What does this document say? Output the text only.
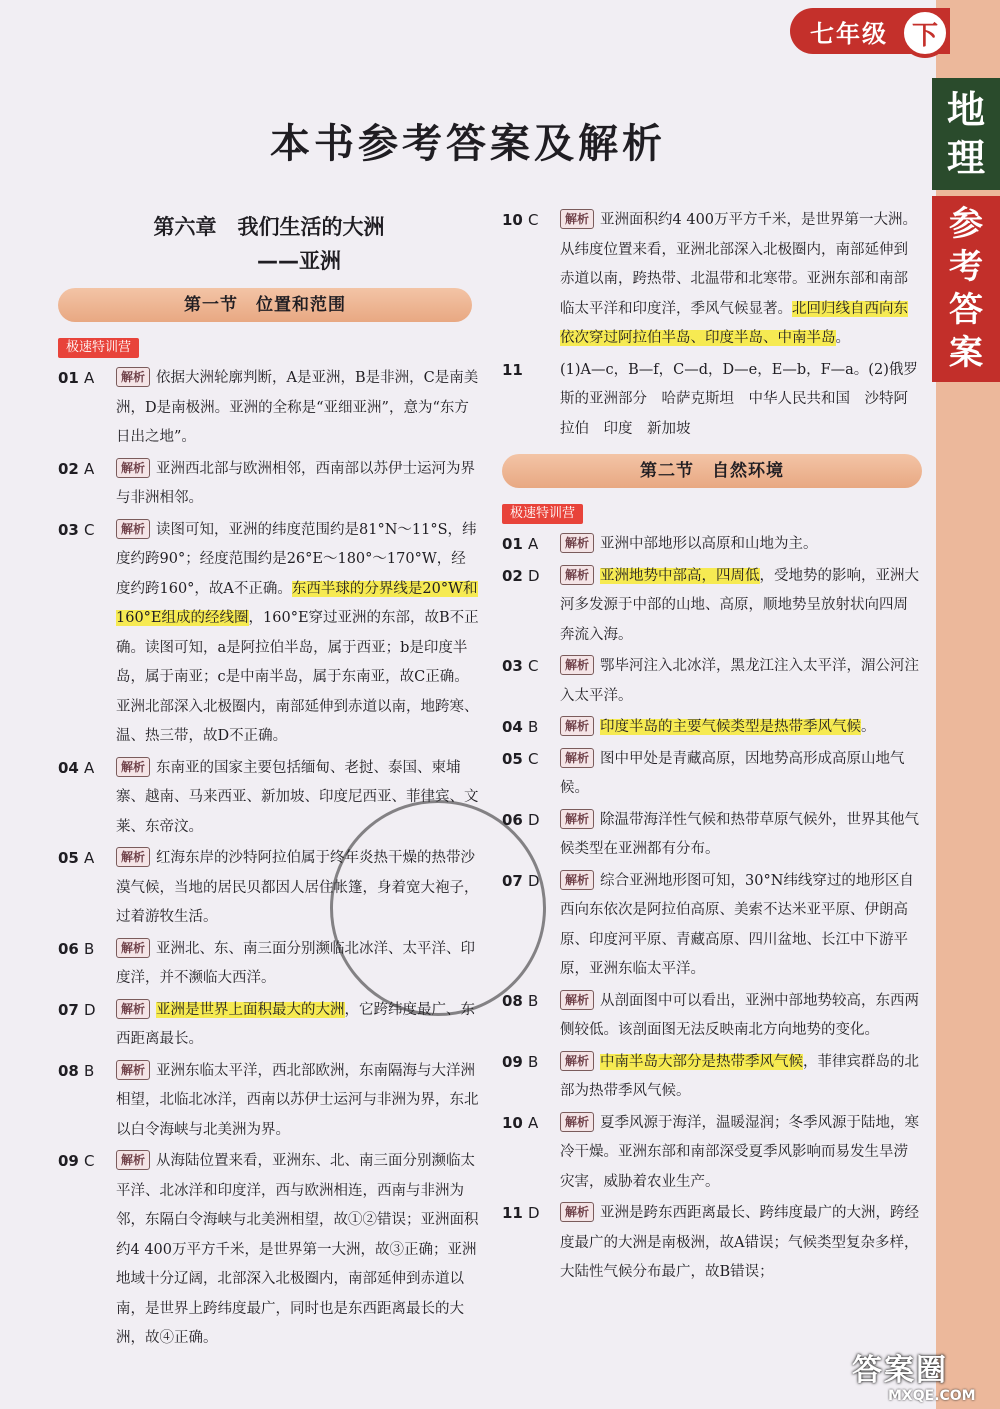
七年级 下
地
理
参
考
答
案
本书参考答案及解析
第六章　我们生活的大洲
——亚洲
第一节　位置和范围
极速特训营
01 A 解析 依据大洲轮廓判断，A是亚洲，B是非洲，C是南美洲，D是南极洲。亚洲的全称是“亚细亚洲”，意为“东方日出之地”。
02 A 解析 亚洲西北部与欧洲相邻，西南部以苏伊士运河为界与非洲相邻。
03 C 解析 读图可知，亚洲的纬度范围约是81°N～11°S，纬度约跨90°；经度范围约是26°E～180°～170°W，经度约跨160°，故A不正确。东西半球的分界线是20°W和160°E组成的经线圈，160°E穿过亚洲的东部，故B不正确。读图可知，a是阿拉伯半岛，属于西亚；b是印度半岛，属于南亚；c是中南半岛，属于东南亚，故C正确。亚洲北部深入北极圈内，南部延伸到赤道以南，地跨寒、温、热三带，故D不正确。
04 A 解析 东南亚的国家主要包括缅甸、老挝、泰国、柬埔寨、越南、马来西亚、新加坡、印度尼西亚、菲律宾、文莱、东帝汶。
05 A 解析 红海东岸的沙特阿拉伯属于终年炎热干燥的热带沙漠气候，当地的居民贝都因人居住帐篷，身着宽大袍子，过着游牧生活。
06 B 解析 亚洲北、东、南三面分别濒临北冰洋、太平洋、印度洋，并不濒临大西洋。
07 D 解析 亚洲是世界上面积最大的大洲，它跨纬度最广、东西距离最长。
08 B 解析 亚洲东临太平洋，西北部欧洲，东南隔海与大洋洲相望，北临北冰洋，西南以苏伊士运河与非洲为界，东北以白令海峡与北美洲为界。
09 C 解析 从海陆位置来看，亚洲东、北、南三面分别濒临太平洋、北冰洋和印度洋，西与欧洲相连，西南与非洲为邻，东隔白令海峡与北美洲相望，故①②错误；亚洲面积约4 400万平方千米，是世界第一大洲，故③正确；亚洲地域十分辽阔，北部深入北极圈内，南部延伸到赤道以南，是世界上跨纬度最广，同时也是东西距离最长的大洲，故④正确。
10 C 解析 亚洲面积约4 400万平方千米，是世界第一大洲。从纬度位置来看，亚洲北部深入北极圈内，南部延伸到赤道以南，跨热带、北温带和北寒带。亚洲东部和南部临太平洋和印度洋，季风气候显著。北回归线自西向东依次穿过阿拉伯半岛、印度半岛、中南半岛。
11	(1)A—c，B—f，C—d，D—e，E—b，F—a。(2)俄罗斯的亚洲部分　哈萨克斯坦　中华人民共和国　沙特阿拉伯　印度　新加坡
第二节　自然环境
极速特训营
01 A 解析 亚洲中部地形以高原和山地为主。
02 D 解析 亚洲地势中部高，四周低，受地势的影响，亚洲大河多发源于中部的山地、高原，顺地势呈放射状向四周奔流入海。
03 C 解析 鄂毕河注入北冰洋，黑龙江注入太平洋，湄公河注入太平洋。
04 B 解析 印度半岛的主要气候类型是热带季风气候。
05 C 解析 图中甲处是青藏高原，因地势高形成高原山地气候。
06 D 解析 除温带海洋性气候和热带草原气候外，世界其他气候类型在亚洲都有分布。
07 D 解析 综合亚洲地形图可知，30°N纬线穿过的地形区自西向东依次是阿拉伯高原、美索不达米亚平原、伊朗高原、印度河平原、青藏高原、四川盆地、长江中下游平原，亚洲东临太平洋。
08 B 解析 从剖面图中可以看出，亚洲中部地势较高，东西两侧较低。该剖面图无法反映南北方向地势的变化。
09 B 解析 中南半岛大部分是热带季风气候，菲律宾群岛的北部为热带季风气候。
10 A 解析 夏季风源于海洋，温暖湿润；冬季风源于陆地，寒冷干燥。亚洲东部和南部深受夏季风影响而易发生旱涝灾害，威胁着农业生产。
11 D 解析 亚洲是跨东西距离最长、跨纬度最广的大洲，跨经度最广的大洲是南极洲，故A错误；气候类型复杂多样，大陆性气候分布最广，故B错误；
答案圈
MXQE.COM
